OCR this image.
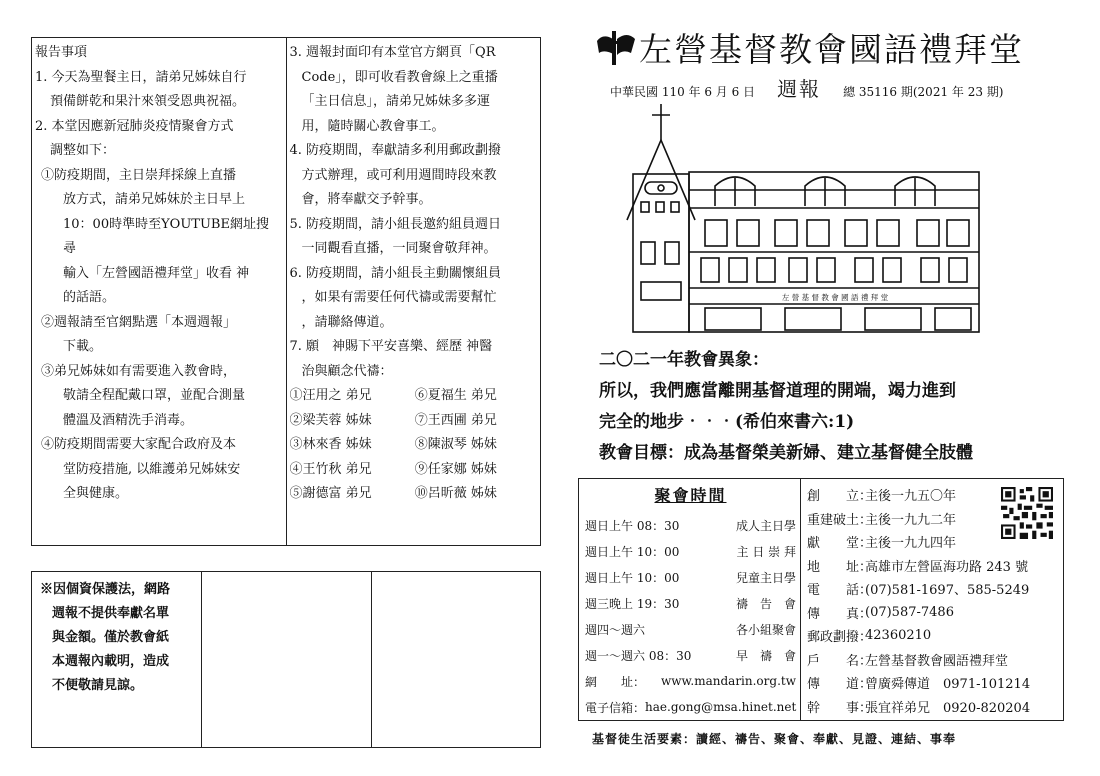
報告事項

1. 今天為聖餐主日，請弟兄姊妹自行

預備餅乾和果汁來領受恩典祝福。

2. 本堂因應新冠肺炎疫情聚會方式

調整如下：

①防疫期間，主日崇拜採線上直播

放方式，請弟兄姊妹於主日早上

10：00時準時至YOUTUBE網址搜尋

輸入「左營國語禮拜堂」收看 神

的話語。

②週報請至官網點選「本週週報」

下載。

③弟兄姊妹如有需要進入教會時，

敬請全程配戴口罩，並配合測量

體溫及酒精洗手消毒。

④防疫期間需要大家配合政府及本

堂防疫措施, 以維護弟兄姊妹安

全與健康。

3. 週報封面印有本堂官方網頁「QR

Code」，即可收看教會線上之重播

「主日信息」，請弟兄姊妹多多運

用，隨時關心教會事工。

4. 防疫期間，奉獻請多利用郵政劃撥

方式辦理，或可利用週間時段來教

會，將奉獻交予幹事。

5. 防疫期間，請小組長邀約組員週日

一同觀看直播，一同聚會敬拜神。

6. 防疫期間，請小組長主動關懷組員

，如果有需要任何代禱或需要幫忙

，請聯絡傳道。

7. 願　神賜下平安喜樂、經歷 神醫

治與顧念代禱：

①汪用之 弟兄	⑥夏福生 弟兄
②梁芙蓉 姊妹	⑦王西圃 弟兄
③林來香 姊妹	⑧陳淑琴 姊妹
④王竹秋 弟兄	⑨任家娜 姊妹
⑤謝德富 弟兄	⑩呂昕薇 姊妹

※因個資保護法，網路

週報不提供奉獻名單

與金額。僅於教會紙

本週報內載明，造成

不便敬請見諒。

左營基督教會國語禮拜堂
中華民國 110 年 6 月 6 日 週報 總 35116 期(2021 年 23 期)
左 營 基 督 教 會 國 語 禮 拜 堂

二〇二一年教會異象：

所以，我們應當離開基督道理的開端，竭力進到

完全的地步‧‧‧(希伯來書六:1)

教會目標：成為基督榮美新婦、建立基督健全肢體

聚會時間
週日上午 08：30	成人主日學
週日上午 10：00	主 日 崇 拜
週日上午 10：00	兒童主日學
週三晚上 19：30	禱　告　會
週四～週六	各小組聚會
週一～週六 08：30	早　禱　會
網　　址： www.mandarin.org.tw
電子信箱： hae.gong@msa.hinet.net
創　　立：
主後一九五〇年
重建破土：
主後一九九二年
獻　　堂：
主後一九九四年
地　　址：
高雄市左營區海功路 243 號
電　　話：
(07)581-1697、585-5249
傳　　真：
(07)587-7486
郵政劃撥：
42360210
戶　　名：
左營基督教會國語禮拜堂
傳　　道：
曾廣舜傳道　0971-101214
幹　　事：
張宜祥弟兄　0920-820204
基督徒生活要素：讀經、禱告、聚會、奉獻、見證、連結、事奉
